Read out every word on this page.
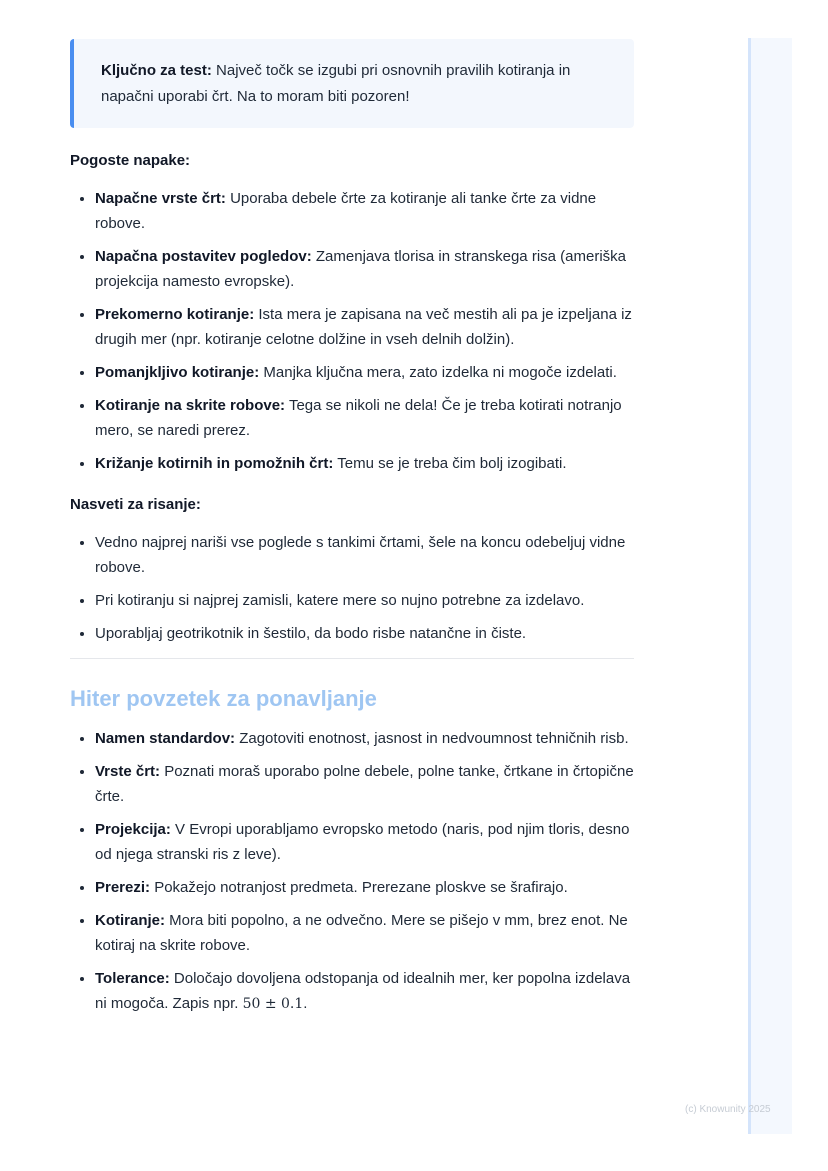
Ključno za test: Največ točk se izgubi pri osnovnih pravilih kotiranja in napačni uporabi črt. Na to moram biti pozoren!

Pogoste napake:

• Napačne vrste črt: Uporaba debele črte za kotiranje ali tanke črte za vidne robove.
• Napačna postavitev pogledov: Zamenjava tlorisa in stranskega risa (ameriška projekcija namesto evropske).
• Prekomerno kotiranje: Ista mera je zapisana na več mestih ali pa je izpeljana iz drugih mer (npr. kotiranje celotne dolžine in vseh delnih dolžin).
• Pomanjkljivo kotiranje: Manjka ključna mera, zato izdelka ni mogoče izdelati.
• Kotiranje na skrite robove: Tega se nikoli ne dela! Če je treba kotirati notranjo mero, se naredi prerez.
• Križanje kotirnih in pomožnih črt: Temu se je treba čim bolj izogibati.

Nasveti za risanje:

• Vedno najprej nariši vse poglede s tankimi črtami, šele na koncu odebeljuj vidne robove.
• Pri kotiranju si najprej zamisli, katere mere so nujno potrebne za izdelavo.
• Uporabljaj geotrikotnik in šestilo, da bodo risbe natančne in čiste.
Hiter povzetek za ponavljanje
• Namen standardov: Zagotoviti enotnost, jasnost in nedvoumnost tehničnih risb.
• Vrste črt: Poznati moraš uporabo polne debele, polne tanke, črtkane in črtopične črte.
• Projekcija: V Evropi uporabljamo evropsko metodo (naris, pod njim tloris, desno od njega stranski ris z leve).
• Prerezi: Pokažejo notranjost predmeta. Prerezane ploskve se šrafirajo.
• Kotiranje: Mora biti popolno, a ne odvečno. Mere se pišejo v mm, brez enot. Ne kotiraj na skrite robove.
• Tolerance: Določajo dovoljena odstopanja od idealnih mer, ker popolna izdelava ni mogoča. Zapis npr. 50 ± 0.1.
(c) Knowunity 2025
